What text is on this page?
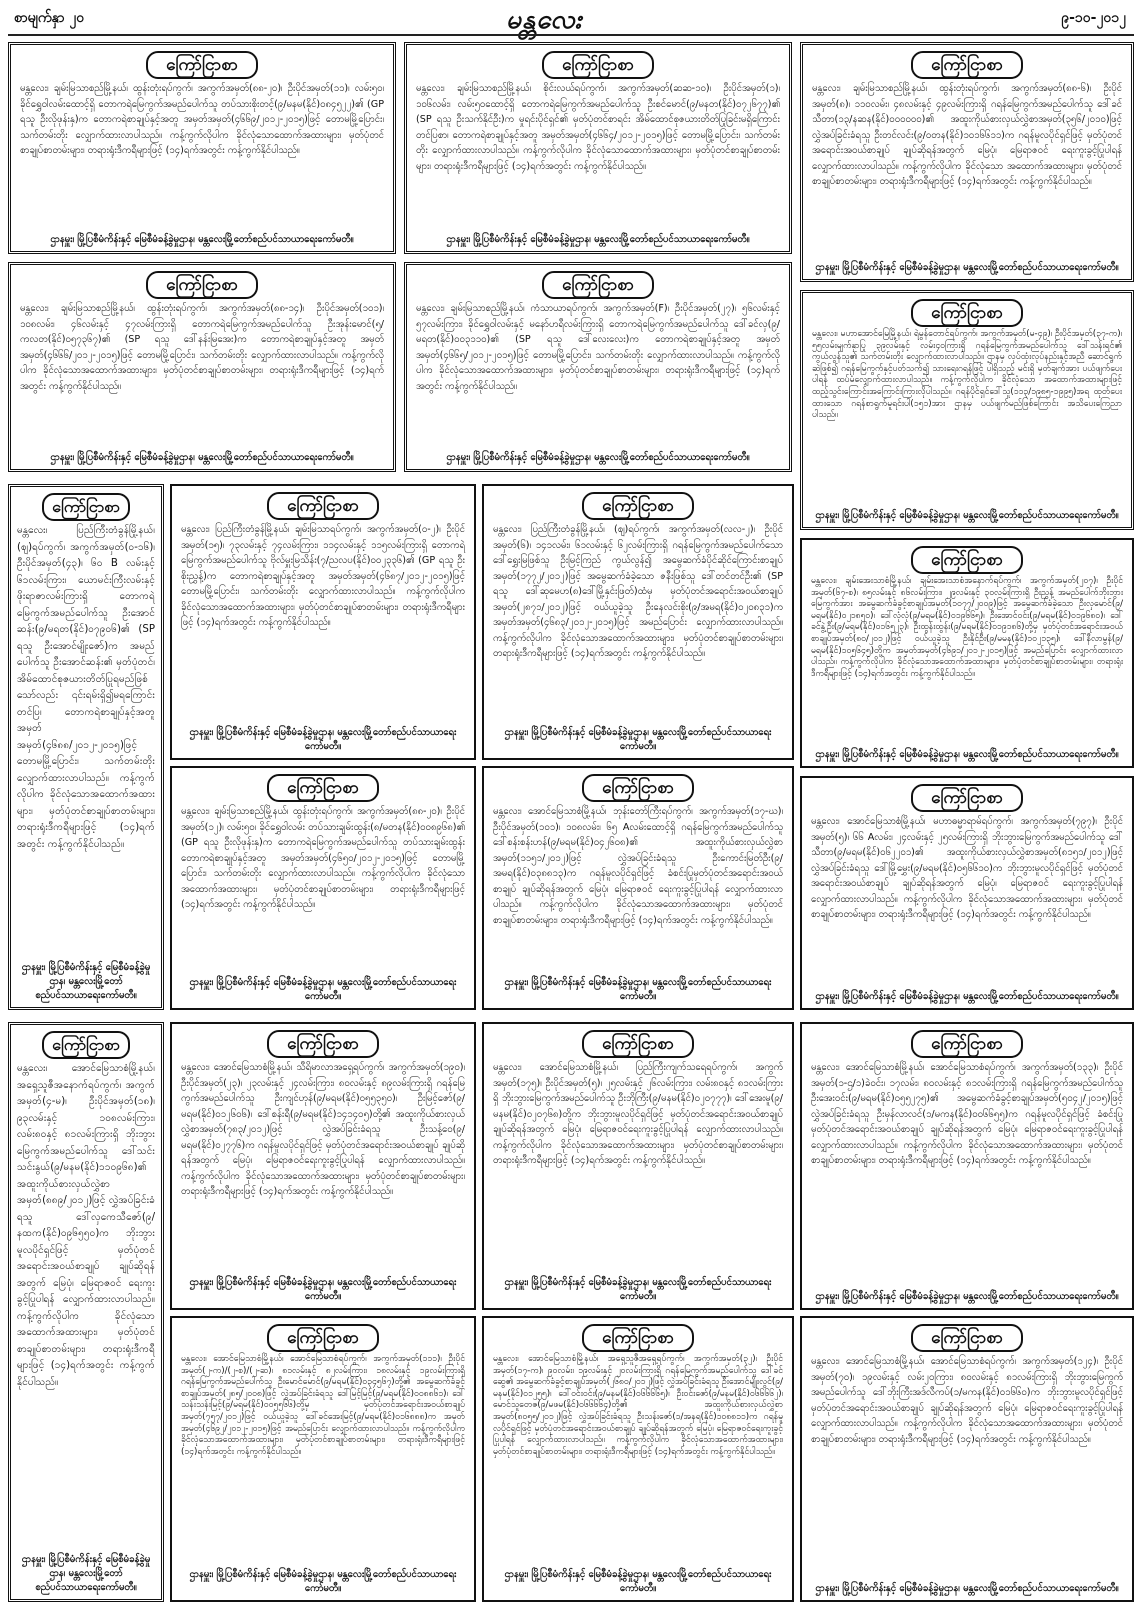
စာမျက်နှာ ၂၀	မန္တလေး	၉-၁၀-၂၀၁၂
ကြော်ငြာစာ
မန္တလေး၊ ချမ်းမြသာစည်မြို့နယ်၊ ထွန်းတုံးရပ်ကွက်၊ အကွက်အမှတ်(၈၈-၂၀)၊ ဦးပိုင်အမှတ်(၁၁)၊ လမ်း၅၀၊ ခိုင်ရွှေဝါလမ်းထောင့်ရှိ တောကရဲမြေကွက်အမည်ပေါက်သူ တပ်သားစိုးတင့်(၉/မနမ(နိုင်)၀၈၄၅၂၂)၏ (GP ရသူ ဦးလိုဖုန်းနှ)က တောကရဲစာချုပ်နှင့်အတူ အမှတ်အမှတ်(၄၆၆၉/၂၀၁၂-၂၀၁၅)ဖြင့် တောမမြို့ပြောင်း၊ သက်တမ်းတိုး လျှောက်ထားလာပါသည်။ ကန့်ကွက်လိုပါက ခိုင်လုံသောထောက်အထားများ၊ မှတ်ပုံတင်စာချုပ်စာတမ်းများ၊ တရားရုံးဒီကရီများဖြင့် (၁၄)ရက်အတွင်း ကန့်ကွက်နိုင်ပါသည်။
ဌာနမှူး၊ မြို့ပြစီမံကိန်းနှင့် မြေစီမံခန့်ခွဲမှုဌာန၊ မန္တလေးမြို့တော်စည်ပင်သာယာရေးကော်မတီ။
ကြော်ငြာစာ
မန္တလေး၊ ချမ်းမြသာစည်မြို့နယ်၊ စိုင်းလယ်ရပ်ကွက်၊ အကွက်အမှတ်(ဆဆ-၁၀)၊ ဦးပိုင်အမှတ်(၁)၊ ၁၀၆လမ်း၊ လမ်း၅၀ထောင့်ရှိ တောကရဲမြေကွက်အမည်ပေါက်သူ ဦးစင်မောင်(၉/မနတ(နိုင်)၀၇၂၆၇၇)၏ (SP ရသူ ဦးသက်နိုင်ဦး)က မှုရင်းပိုင်ရှင်၏ မှတ်ပုံတင်စာရင်း အိမ်ထောင်စုဇယားတိတ်ပြုခြင်းမရှိကြောင်းတင်ပြစာ၊ တောကရဲစာချုပ်နှင့်အတူ အမှတ်အမှတ်(၄၆၆၄/၂၀၁၂-၂၀၁၅)ဖြင့် တောမမြို့ပြောင်း၊ သက်တမ်းတိုး လျှောက်ထားလာပါသည်။ ကန့်ကွက်လိုပါက ခိုင်လုံသောထောက်အထားများ၊ မှတ်ပုံတင်စာချုပ်စာတမ်းများ၊ တရားရုံးဒီကရီများဖြင့် (၁၄)ရက်အတွင်း ကန့်ကွက်နိုင်ပါသည်။
ဌာနမှူး၊ မြို့ပြစီမံကိန်းနှင့် မြေစီမံခန့်ခွဲမှုဌာန၊ မန္တလေးမြို့တော်စည်ပင်သာယာရေးကော်မတီ။
ကြော်ငြာစာ
မန္တလေး၊ ချမ်းမြသာစည်မြို့နယ်၊ ထွန်းတုံးရပ်ကွက်၊ အကွက်အမှတ်(၈၈-၆)၊ ဦးပိုင်အမှတ်(၈)၊ ၁၁၀လမ်း၊ ၄၈လမ်းနှင့် ၄၉လမ်းကြားရှိ ဂရန်မြေကွက်အမည်ပေါက်သူ ဒေါ်ခင်သီတာ(၁၃/နဆန(နိုင်)၀၀၀၀၀၀)၏ အထူးကိုယ်စားလှယ်လွှဲစာအမှတ်(၃၅၆/၂၀၁၀)ဖြင့် လွှဲအပ်ခြင်းခံရသူ ဦးတင်လင်း(၉/၀တန(နိုင်)၁၀၁၆၆၁၁)က ဂရန်မူလပိုင်ရှင်ဖြင့် မှတ်ပုံတင်အရောင်းအဝယ်စာချုပ် ချုပ်ဆိုရန်အတွက် မြေပုံ၊ မြေရာဇဝင် ရေးကူးခွင့်ပြုပါရန် လျှောက်ထားလာပါသည်။ ကန့်ကွက်လိုပါက ခိုင်လုံသော အထောက်အထားများ၊ မှတ်ပုံတင်စာချုပ်စာတမ်းများ၊ တရားရုံးဒီကရီများဖြင့် (၁၄)ရက်အတွင်း ကန့်ကွက်နိုင်ပါသည်။
ဌာနမှူး၊ မြို့ပြစီမံကိန်းနှင့် မြေစီမံခန့်ခွဲမှုဌာန၊ မန္တလေးမြို့တော်စည်ပင်သာယာရေးကော်မတီ။
ကြော်ငြာစာ
မန္တလေး၊ ချမ်းမြသာစည်မြို့နယ်၊ ထွန်းတုံးရပ်ကွက်၊ အကွက်အမှတ်(၈၈-၁၄)၊ ဦးပိုင်အမှတ်(၁၀၁)၊ ၁၀၈လမ်း၊ ၄၆လမ်းနှင့် ၄၇လမ်းကြားရှိ တောကရဲမြေကွက်အမည်ပေါက်သူ ဦးအုန်းမောင်(၅/ကလတ(နိုင်)၀၅၇၃၆၇)၏ (SP ရသူ ဒေါ်နန်းမြအေး)က တောကရဲစာချုပ်နှင့်အတူ အမှတ်အမှတ်(၄၆၆၆/၂၀၁၂-၂၀၁၅)ဖြင့် တောမမြို့ပြောင်း၊ သက်တမ်းတိုး လျှောက်ထားလာပါသည်။ ကန့်ကွက်လိုပါက ခိုင်လုံသောအထောက်အထားများ၊ မှတ်ပုံတင်စာချုပ်စာတမ်းများ၊ တရားရုံးဒီကရီများဖြင့် (၁၄)ရက်အတွင်း ကန့်ကွက်နိုင်ပါသည်။
ဌာနမှူး၊ မြို့ပြစီမံကိန်းနှင့် မြေစီမံခန့်ခွဲမှုဌာန၊ မန္တလေးမြို့တော်စည်ပင်သာယာရေးကော်မတီ။
ကြော်ငြာစာ
မန္တလေး၊ ချမ်းမြသာစည်မြို့နယ်၊ ကံသာယာရပ်ကွက်၊ အကွက်အမှတ်(F)၊ ဦးပိုင်အမှတ်(၂၇)၊ ၅၆လမ်းနှင့် ၅၇လမ်းကြား၊ ခိုင်ရွှေဝါလမ်းနှင့် မနော်ဟရီလမ်းကြားရှိ တောကရဲမြေကွက်အမည်ပေါက်သူ ဒေါ်ခင်လှ(၉/မရတ(နိုင်)၀၀၃၁၁၀)၏ (SP ရသူ ဒေါ်လေးလေး)က တောကရဲစာချုပ်နှင့်အတူ အမှတ်အမှတ်(၄၆၆၅/၂၀၁၂-၂၀၁၅)ဖြင့် တောမမြို့ပြောင်း၊ သက်တမ်းတိုး လျှောက်ထားလာပါသည်။ ကန့်ကွက်လိုပါက ခိုင်လုံသောအထောက်အထားများ၊ မှတ်ပုံတင်စာချုပ်စာတမ်းများ၊ တရားရုံးဒီကရီများဖြင့် (၁၄)ရက်အတွင်း ကန့်ကွက်နိုင်ပါသည်။
ဌာနမှူး၊ မြို့ပြစီမံကိန်းနှင့် မြေစီမံခန့်ခွဲမှုဌာန၊ မန္တလေးမြို့တော်စည်ပင်သာယာရေးကော်မတီ။
ကြော်ငြာစာ
မန္တလေး၊ မဟာအောင်မြေမြို့နယ်၊ ရဲမွန်တောင်ရပ်ကွက်၊ အကွက်အမှတ်(မ-၄၉)၊ ဦးပိုင်အမှတ်(၃၇-က)၊ ၅၅လမ်းမျက်နှာပြု ၃၉လမ်းနှင့် လမ်း၄၀ကြားရှိ ဂရန်မြေကွက်အမည်ပေါက်သူ ဒေါ်သန်းရင်၏ ကွယ်လွန်သူ၏ သက်တမ်းတိုး လျှောက်ထားလာပါသည်။ ဌာနမှ လုပ်ထုံးလုပ်နည်းနှင့်အညီ ဆောင်ရွက်ဆဲဖြစ်၍ ဂရန်မြေကွက်နှင့်ပတ်သက်၍ သားရေးဂရန်ဖြင့် ပါရှိသည့် မင်းရှိ မှတ်ချက်အား ပယ်ဖျက်ပေးပါရန် ထပ်မံလျှောက်ထားလာပါသည်။ ကန့်ကွက်လိုပါက ခိုင်လုံသော အထောက်အထားများဖြင့် ထည့်သွင်းကြောင်းအကြောင်းကြားလိုပါသည်။ ဂရန်ပိုင်ရှင်ဒေါ်သူ(၁၁၃/၁၉၈၅-၁၉၉၅)အရ ထုတ်ပေးထားသော ဂရန်စာရွက်မူရင်းပါ(၁၅၁)အား ဌာနမှ ပယ်ဖျက်မည်ဖြစ်ကြောင်း အသိပေးကြေညာပါသည်။
ဌာနမှူး၊ မြို့ပြစီမံကိန်းနှင့် မြေစီမံခန့်ခွဲမှုဌာန၊ မန္တလေးမြို့တော်စည်ပင်သာယာရေးကော်မတီ။
ကြော်ငြာစာ
မန္တလေး၊ ပြည်ကြီးတံခွန်မြို့နယ်၊ (ဈ)ရပ်ကွက်၊ အကွက်အမှတ်(ဝ-၁၆)၊ ဦးပိုင်အမှတ်(၄၃)၊ ၆၀ B လမ်းနှင့် ၆၁လမ်းကြား၊ ယောမင်းကြီးလမ်းနှင့် ဖိုးရာဇာလမ်းကြားရှိ တောကရဲမြေကွက်အမည်ပေါက်သူ ဦးအောင်ဆန်း(၉/မရတ(နိုင်)၀၇၉၀၆)၏ (SP ရသူ ဦးအောင်မျိုးဇော်)က အမည်ပေါက်သူ ဦးအောင်ဆန်း၏ မှတ်ပုံတင်၊ အိမ်ထောင်စုဇယားတိတ်ပြုရမည်ဖြစ်သော်လည်း ၎င်းရမ်းရှိ၍မရကြောင်းတင်ပြ၊ တောကရဲစာချုပ်နှင့်အတူ အမှတ်အမှတ်(၄၆၈၈/၂၀၁၂-၂၀၁၅)ဖြင့် တောမမြို့ပြောင်း၊ သက်တမ်းတိုး လျှောက်ထားလာပါသည်။ ကန့်ကွက်လိုပါက ခိုင်လုံသောအထောက်အထားများ၊ မှတ်ပုံတင်စာချုပ်စာတမ်းများ၊ တရားရုံးဒီကရီများဖြင့် (၁၄)ရက်အတွင်း ကန့်ကွက်နိုင်ပါသည်။
ဌာနမှူး၊ မြို့ပြစီမံကိန်းနှင့် မြေစီမံခန့်ခွဲမှုဌာန၊ မန္တလေးမြို့တော်စည်ပင်သာယာရေးကော်မတီ။
ကြော်ငြာစာ
မန္တလေး၊ ပြည်ကြီးတံခွန်မြို့နယ်၊ ချမ်းမြသာရပ်ကွက်၊ အကွက်အမှတ်(၀-၂)၊ ဦးပိုင်အမှတ်(၁၅)၊ ၇၃လမ်းနှင့် ၇၄လမ်းကြား၊ ၁၁၄လမ်းနှင့် ၁၁၅လမ်းကြားရှိ တောကရဲမြေကွက်အမည်ပေါက်သူ ဗိုလ်မှူးမြသိန်း(၇/ညလပ(နိုင်)၀၀၂၃၃၆)၏ (GP ရသူ ဦးစိုးညွှန့်)က တောကရဲစာချုပ်နှင့်အတူ အမှတ်အမှတ်(၄၆၈၇/၂၀၁၂-၂၀၁၅)ဖြင့် တောမမြို့ပြောင်း၊ သက်တမ်းတိုး လျှောက်ထားလာပါသည်။ ကန့်ကွက်လိုပါက ခိုင်လုံသောအထောက်အထားများ၊ မှတ်ပုံတင်စာချုပ်စာတမ်းများ၊ တရားရုံးဒီကရီများဖြင့် (၁၄)ရက်အတွင်း ကန့်ကွက်နိုင်ပါသည်။
ဌာနမှူး၊ မြို့ပြစီမံကိန်းနှင့် မြေစီမံခန့်ခွဲမှုဌာန၊ မန္တလေးမြို့တော်စည်ပင်သာယာရေးကော်မတီ။
ကြော်ငြာစာ
မန္တလေး၊ ပြည်ကြီးတံခွန်မြို့နယ်၊ (ဈ)ရပ်ကွက်၊ အကွက်အမှတ်(လလ-၂)၊ ဦးပိုင်အမှတ်(၆)၊ ၁၄၁လမ်း၊ ၆၁လမ်းနှင့် ၆၂လမ်းကြားရှိ ဂရန်မြေကွက်အမည်ပေါက်သောဒေါ်ရွှေးမြဖြစ်သူ ဦးမြင့်ကြည် ကွယ်လွန်၍ အမွေဆက်ခံပိုင်ဆိုင်ကြောင်းစာချုပ်အမှတ်(၁၇၇၂/၂၀၁၂)ဖြင့် အမွေဆက်ခံခဲ့သော ဇနီးဖြစ်သူ ဒေါ်တင်တင်ဦး၏ (SP ရသူ ဒေါ်ဆုမေဟ(၈)ဒေါ်မြို့နှင်းဖြတ်)ထံမှ မှတ်ပုံတင်အရောင်းအဝယ်စာချုပ်အမှတ်(၂၈၇၁/၂၀၁၂)ဖြင့် ဝယ်ယူခဲ့သူ ဦးနေလင်းစိုး(၉/အမရ(နိုင်)၀၂၀၈၃၁)က အမှတ်အမှတ်(၄၆၈၃/၂၀၁၂-၂၀၁၅)ဖြင့် အမည်ပြောင်း လျှောက်ထားလာပါသည်။ ကန့်ကွက်လိုပါက ခိုင်လုံသောအထောက်အထားများ၊ မှတ်ပုံတင်စာချုပ်စာတမ်းများ၊ တရားရုံးဒီကရီများဖြင့် (၁၄)ရက်အတွင်း ကန့်ကွက်နိုင်ပါသည်။
ဌာနမှူး၊ မြို့ပြစီမံကိန်းနှင့် မြေစီမံခန့်ခွဲမှုဌာန၊ မန္တလေးမြို့တော်စည်ပင်သာယာရေးကော်မတီ။
ကြော်ငြာစာ
မန္တလေး၊ ချမ်းအေးသာစံမြို့နယ်၊ ချမ်းအေးသာစံအနောက်ရပ်ကွက်၊ အကွက်အမှတ်(၂၀၇)၊ ဦးပိုင်အမှတ်(၆၇-စ)၊ ၈၅လမ်းနှင့် ၈၆လမ်းကြား၊ ၂၉လမ်းနှင့် ၃၀လမ်းကြားရှိ ဦးညွှန့် အမည်ပေါက်ဘိုးဘွားမြေကွက်အား အမွေဆက်ခံခွင့်စာချုပ်အမှတ်(၁၀၇၇/၂၀၀၉)ဖြင့် အမွေဆက်ခံခဲ့သော ဦးလှမောင်(၉/မရမ(နိုင်)၀၂၁၈၅၀)၊ ဒေါ်လုံလုံ(၉/မရမ(နိုင်)၀၁၉၆၆၅)၊ ဦးအောင်ဝင်း(၉/မရမ(နိုင်)၀၁၉၆၈၀)၊ ဒေါ်ခင်နွဲ့ဦး(၉/မရမ(နိုင်)၀၁၆၅၂၃)၊ ဦးထွန်းထွန်း(၉/မရမ(နိုင်)၀၁၉၁၈၆)တို့မှ မှတ်ပုံတင်အရောင်းအဝယ်စာချုပ်အမှတ်(၈၀/၂၀၁၂)ဖြင့် ဝယ်ယူခဲ့သူ ဦးနိုင်ဦး(၉/မမန(နိုင်)၁၀၂၁၃၅)၊ ဒေါ်နီလာမွန်(၉/မရမ(နိုင်)၁၀၅၆၄၅)တို့က အမှတ်အမှတ်(၄၆၉၁/၂၀၁၂-၂၀၁၅)ဖြင့် အမည်ပြောင်း လျှောက်ထားလာပါသည်။ ကန့်ကွက်လိုပါက ခိုင်လုံသောအထောက်အထားများ၊ မှတ်ပုံတင်စာချုပ်စာတမ်းများ၊ တရားရုံးဒီကရီများဖြင့် (၁၄)ရက်အတွင်း ကန့်ကွက်နိုင်ပါသည်။
ဌာနမှူး၊ မြို့ပြစီမံကိန်းနှင့် မြေစီမံခန့်ခွဲမှုဌာန၊ မန္တလေးမြို့တော်စည်ပင်သာယာရေးကော်မတီ။
ကြော်ငြာစာ
မန္တလေး၊ ချမ်းမြသာစည်မြို့နယ်၊ ထွန်းတုံးရပ်ကွက်၊ အကွက်အမှတ်(၈၈-၂၀)၊ ဦးပိုင်အမှတ်(၁၂)၊ လမ်း၅၀၊ ခိုင်ရွှေဝါလမ်း တပ်သားချမ်းထွန်း(၈/မတန(နိုင်)၀၀၈၉၆၈)၏ (GP ရသူ ဦးလိုဖုန်းနှ)က တောကရဲမြေကွက်အမည်ပေါက်သူ တပ်သားချမ်းထွန်း တောကရဲစာချုပ်နှင့်အတူ အမှတ်အမှတ်(၄၆၅၀/၂၀၁၂-၂၀၁၅)ဖြင့် တောမမြို့ပြောင်း၊ သက်တမ်းတိုး လျှောက်ထားလာပါသည်။ ကန့်ကွက်လိုပါက ခိုင်လုံသောအထောက်အထားများ၊ မှတ်ပုံတင်စာချုပ်စာတမ်းများ၊ တရားရုံးဒီကရီများဖြင့် (၁၄)ရက်အတွင်း ကန့်ကွက်နိုင်ပါသည်။
ဌာနမှူး၊ မြို့ပြစီမံကိန်းနှင့် မြေစီမံခန့်ခွဲမှုဌာန၊ မန္တလေးမြို့တော်စည်ပင်သာယာရေးကော်မတီ။
ကြော်ငြာစာ
မန္တလေး၊ အောင်မြေသာစံမြို့နယ်၊ ဘုန်းတော်ကြီးရပ်ကွက်၊ အကွက်အမှတ်(၁၇-ဃ)၊ ဦးပိုင်အမှတ်(၁၀၁)၊ ၁၀၈လမ်း၊ ၆၅ Aလမ်းထောင့်ရှိ ဂရန်မြေကွက်အမည်ပေါက်သူ ဒေါ်စန်းစန်းဟန်(၉/မရမ(နိုင်)၀၄၂၆၀၈)၏ အထူးကိုယ်စားလှယ်လွှဲစာအမှတ်(၁၁၅၁/၂၀၁၂)ဖြင့် လွှဲအပ်ခြင်းခံရသူ ဦးကောင်းမြတ်ဦး(၉/အမရ(နိုင်)၀၃၈၈၁၃)က ဂရန်မူလပိုင်ရှင်ဖြင့် ခံစင်းပြုမှတ်ပုံတင်အရောင်းအဝယ်စာချုပ် ချုပ်ဆိုရန်အတွက် မြေပုံ၊ မြေရာဇဝင် ရေးကူးခွင့်ပြုပါရန် လျှောက်ထားလာပါသည်။ ကန့်ကွက်လိုပါက ခိုင်လုံသောအထောက်အထားများ၊ မှတ်ပုံတင်စာချုပ်စာတမ်းများ၊ တရားရုံးဒီကရီများဖြင့် (၁၄)ရက်အတွင်း ကန့်ကွက်နိုင်ပါသည်။
ဌာနမှူး၊ မြို့ပြစီမံကိန်းနှင့် မြေစီမံခန့်ခွဲမှုဌာန၊ မန္တလေးမြို့တော်စည်ပင်သာယာရေးကော်မတီ။
ကြော်ငြာစာ
မန္တလေး၊ အောင်မြေသာစံမြို့နယ်၊ မဟာဓမ္မာရာမ်ရပ်ကွက်၊ အကွက်အမှတ်(၇၉၇)၊ ဦးပိုင်အမှတ်(၅)၊ ၆၆ Aလမ်း၊ ၂၄လမ်းနှင့် ၂၅လမ်းကြားရှိ ဘိုးဘွားမြေကွက်အမည်ပေါက်သူ ဒေါ်သီတာ(၉/မရမ(နိုင်)၀၆၂၂၀၁)၏ အထူးကိုယ်စားလှယ်လွှဲစာအမှတ်(၈၁၅၁/၂၀၁၂)ဖြင့် လွှဲအပ်ခြင်းခံရသူ ဒေါ်မြို့မွှေး(၉/မရမ(နိုင်)၀၅၆၆၁၀)က ဘိုးဘွားမူလပိုင်ရှင်ဖြင့် မှတ်ပုံတင်အရောင်းအဝယ်စာချုပ် ချုပ်ဆိုရန်အတွက် မြေပုံ၊ မြေရာဇဝင် ရေးကူးခွင့်ပြုပါရန် လျှောက်ထားလာပါသည်။ ကန့်ကွက်လိုပါက ခိုင်လုံသောအထောက်အထားများ၊ မှတ်ပုံတင်စာချုပ်စာတမ်းများ၊ တရားရုံးဒီကရီများဖြင့် (၁၄)ရက်အတွင်း ကန့်ကွက်နိုင်ပါသည်။
ဌာနမှူး၊ မြို့ပြစီမံကိန်းနှင့် မြေစီမံခန့်ခွဲမှုဌာန၊ မန္တလေးမြို့တော်စည်ပင်သာယာရေးကော်မတီ။
ကြော်ငြာစာ
မန္တလေး၊ အောင်မြေသာစံမြို့နယ်၊ အရှေ့သူဇီအနောက်ရပ်ကွက်၊ အကွက်အမှတ်(၄-မ)၊ ဦးပိုင်အမှတ်(၁၈)၊ ၉၃လမ်းနှင့် ၁၀၈လမ်းကြား၊ လမ်း၈၀နှင့် ၈၁လမ်းကြားရှိ ဘိုးဘွားမြေကွက်အမည်ပေါက်သူ ဒေါ်သင်းသင်းနွယ်(၉/မနမ(နိုင်)၁၁၀၉၆၈)၏ အထူးကိုယ်စားလှယ်လွှဲစာအမှတ်(၈၈၉/၂၀၁၂)ဖြင့် လွှဲအပ်ခြင်းခံရသူ ဒေါ်လှကေသီဇော်(၉/နထက(နိုင်)၀၉၆၅၅၀)က ဘိုးဘွားမူလပိုင်ရှင်ဖြင့် မှတ်ပုံတင်အရောင်းအဝယ်စာချုပ် ချုပ်ဆိုရန်အတွက် မြေပုံ၊ မြေရာဇဝင် ရေးကူးခွင့်ပြုပါရန် လျှောက်ထားလာပါသည်။ ကန့်ကွက်လိုပါက ခိုင်လုံသောအထောက်အထားများ၊ မှတ်ပုံတင်စာချုပ်စာတမ်းများ၊ တရားရုံးဒီကရီများဖြင့် (၁၄)ရက်အတွင်း ကန့်ကွက်နိုင်ပါသည်။
ဌာနမှူး၊ မြို့ပြစီမံကိန်းနှင့် မြေစီမံခန့်ခွဲမှုဌာန၊ မန္တလေးမြို့တော်စည်ပင်သာယာရေးကော်မတီ။
ကြော်ငြာစာ
မန္တလေး၊ အောင်မြေသာစံမြို့နယ်၊ သီရိမာလာအရှေ့ရပ်ကွက်၊ အကွက်အမှတ်(၁၉၀)၊ ဦးပိုင်အမှတ်(၂၃)၊ ၂၃လမ်းနှင့် ၂၄လမ်းကြား၊ ၈၀လမ်းနှင့် ၈၉လမ်းကြားရှိ ဂရန်မြေကွက်အမည်ပေါက်သူ ဦးကျင်ဟုန်(၉/မရမ(နိုင်)၀၅၅၃၅၀)၊ ဦးမြင့်ဇော်(၉/မရမ(နိုင်)၀၁၂၆၀၆)၊ ဒေါ်စန်းရီ(၉/မရမ(နိုင်)၁၄၁၄၀၅)တို့၏ အထူးကိုယ်စားလှယ်လွှဲစာအမှတ်(၇၈၃/၂၀၁၂)ဖြင့် လွှဲအပ်ခြင်းခံရသူ ဦးသန့်ဝေ(၉/မရမ(နိုင်)၀၂၇၇၆)က ဂရန်မူလပိုင်ရှင်ဖြင့် မှတ်ပုံတင်အရောင်းအဝယ်စာချုပ် ချုပ်ဆိုရန်အတွက် မြေပုံ၊ မြေရာဇဝင်ရေးကူးခွင့်ပြုပါရန် လျှောက်ထားလာပါသည်။ ကန့်ကွက်လိုပါက ခိုင်လုံသောအထောက်အထားများ၊ မှတ်ပုံတင်စာချုပ်စာတမ်းများ၊ တရားရုံးဒီကရီများဖြင့် (၁၄)ရက်အတွင်း ကန့်ကွက်နိုင်ပါသည်။
ဌာနမှူး၊ မြို့ပြစီမံကိန်းနှင့် မြေစီမံခန့်ခွဲမှုဌာန၊ မန္တလေးမြို့တော်စည်ပင်သာယာရေးကော်မတီ။
ကြော်ငြာစာ
မန္တလေး၊ အောင်မြေသာစံမြို့နယ်၊ ပြည်ကြီးကျက်သရေရပ်ကွက်၊ အကွက်အမှတ်(၁၇၅)၊ ဦးပိုင်အမှတ်(၅)၊ ၂၅လမ်းနှင့် ၂၆လမ်းကြား၊ လမ်း၈၀နှင့် ၈၁လမ်းကြားရှိ ဘိုးဘွားမြေကွက်အမည်ပေါက်သူ ဦးဘိုကြီး(၉/မနမ(နိုင်)၀၂၀၇၇၇)၊ ဒေါ်အေးမူ(၉/မနမ(နိုင်)၀၂၀၇၆၈)တို့က ဘိုးဘွားမူလပိုင်ရှင်ဖြင့် မှတ်ပုံတင်အရောင်းအဝယ်စာချုပ် ချုပ်ဆိုရန်အတွက် မြေပုံ၊ မြေရာဇဝင်ရေးကူးခွင့်ပြုပါရန် လျှောက်ထားလာပါသည်။ ကန့်ကွက်လိုပါက ခိုင်လုံသောအထောက်အထားများ၊ မှတ်ပုံတင်စာချုပ်စာတမ်းများ၊ တရားရုံးဒီကရီများဖြင့် (၁၄)ရက်အတွင်း ကန့်ကွက်နိုင်ပါသည်။
ဌာနမှူး၊ မြို့ပြစီမံကိန်းနှင့် မြေစီမံခန့်ခွဲမှုဌာန၊ မန္တလေးမြို့တော်စည်ပင်သာယာရေးကော်မတီ။
ကြော်ငြာစာ
မန္တလေး၊ အောင်မြေသာစံမြို့နယ်၊ အောင်မြေသာစံရပ်ကွက်၊ အကွက်အမှတ်(၁၃၃)၊ ဦးပိုင်အမှတ်(၁-ဌ/၁)ခဲဝင်း၊ ၁၇လမ်း၊ ၈၀လမ်းနှင့် ၈၁လမ်းကြားရှိ ဂရန်မြေကွက်အမည်ပေါက်သူ ဦးအေးဝင်း(၉/မရမ(နိုင်)၀၅၅၂၇၅)၏ အမွေဆက်ခံခွင့်စာချုပ်အမှတ်(၅၀၄၂/၂၀၁၅)ဖြင့် လွှဲအပ်ခြင်းခံရသူ ဦးမှန်လာလင်(၁/မကန(နိုင်)၀၀၆၆၅၅)က ဂရန်မူလပိုင်ရှင်ဖြင့် ခံစင်းပြုမှတ်ပုံတင်အရောင်းအဝယ်စာချုပ် ချုပ်ဆိုရန်အတွက် မြေပုံ၊ မြေရာဇဝင်ရေးကူးခွင့်ပြုပါရန် လျှောက်ထားလာပါသည်။ ကန့်ကွက်လိုပါက ခိုင်လုံသောအထောက်အထားများ၊ မှတ်ပုံတင်စာချုပ်စာတမ်းများ၊ တရားရုံးဒီကရီများဖြင့် (၁၄)ရက်အတွင်း ကန့်ကွက်နိုင်ပါသည်။
ဌာနမှူး၊ မြို့ပြစီမံကိန်းနှင့် မြေစီမံခန့်ခွဲမှုဌာန၊ မန္တလေးမြို့တော်စည်ပင်သာယာရေးကော်မတီ။
ကြော်ငြာစာ
မန္တလေး၊ အောင်မြေသာစံမြို့နယ်၊ အောင်မြေသာစံရပ်ကွက်၊ အကွက်အမှတ်(၁၁၁)၊ ဦးပိုင်အမှတ်(၂-က)/(၂-စ)/(၂-ဆ)၊ ၈၁လမ်းနှင့် ၈၂လမ်းကြား၊ ၁၈လမ်းနှင့် ၁၉လမ်းကြားရှိ ဂရန်မြေကွက်အမည်ပေါက်သူ ဦးမောင်မောင်(၉/မရမ(နိုင်)၀၃၄၅၆၇)တို့၏ အမွေဆက်ခံခွင့်စာချုပ်အမှတ်(၂၈၅/၂၀၀၈)ဖြင့် လွှဲအပ်ခြင်းခံရသူ ဒေါ်မြင့်မြင့်(၉/မရမ(နိုင်)၀၀၈၈၆၁)၊ ဒေါ်သန်းသန်းမြင့်(၉/မရမ(နိုင်)၀၀၅၅၆၆)တို့မှ မှတ်ပုံတင်အရောင်းအဝယ်စာချုပ်အမှတ်(၇၅၇/၂၀၁၂)ဖြင့် ဝယ်ယူခဲ့သူ ဒေါ်ခင်အေးမြင့်(၉/မရမ(နိုင်)၀၁၆၈၈၈)က အမှတ်အမှတ်(၄၆၉၂/၂၀၁၂-၂၀၁၅)ဖြင့် အမည်ပြောင်း လျှောက်ထားလာပါသည်။ ကန့်ကွက်လိုပါက ခိုင်လုံသောအထောက်အထားများ၊ မှတ်ပုံတင်စာချုပ်စာတမ်းများ၊ တရားရုံးဒီကရီများဖြင့် (၁၄)ရက်အတွင်း ကန့်ကွက်နိုင်ပါသည်။
ဌာနမှူး၊ မြို့ပြစီမံကိန်းနှင့် မြေစီမံခန့်ခွဲမှုဌာန၊ မန္တလေးမြို့တော်စည်ပင်သာယာရေးကော်မတီ။
ကြော်ငြာစာ
မန္တလေး၊ အောင်မြေသာစံမြို့နယ်၊ အရှေ့သူဇီအရှေ့ရပ်ကွက်၊ အကွက်အမှတ်(၃၂)၊ ဦးပိုင်အမှတ်(၁၇-က)၊ ၉၀လမ်း၊ ၁၉လမ်းနှင့် ၂၀လမ်းကြားရှိ ဂရန်မြေကွက်အမည်ပေါက်သူ ဒေါ်ခင်ဆွေ၏ အမွေဆက်ခံခွင့်စာချုပ်အမှတ်(၂၆၈၀/၂၀၁၂)ဖြင့် လွှဲအပ်ခြင်းခံရသူ ဦးအောင်မျိုးလွင်(၉/မနမ(နိုင်)၀၁၂၅၅)၊ ဒေါ်ဝင်းဝင်း(၉/မနမ(နိုင်)၀၆၆၆၆၅)၊ ဦးဝင်းဇော်(၉/မနမ(နိုင်)၀၆၆၆၆၂)၊ မောင်သူတေဇ(၉/မဖမ(နိုင်)၀၆၆၆၆၄)တို့၏ အထူးကိုယ်စားလှယ်လွှဲစာအမှတ်(၈၀၅၅/၂၀၁၂)ဖြင့် လွှဲအပ်ခြင်းခံရသူ ဦးသန်းဇော်(၁/အနရ(နိုင်)၁၀၈၈၁၁)က ဂရန်မူလပိုင်ရှင်ဖြင့် မှတ်ပုံတင်အရောင်းအဝယ်စာချုပ် ချုပ်ဆိုရန်အတွက် မြေပုံ၊ မြေရာဇဝင်ရေးကူးခွင့်ပြုပါရန် လျှောက်ထားလာပါသည်။ ကန့်ကွက်လိုပါက ခိုင်လုံသောအထောက်အထားများ၊ မှတ်ပုံတင်စာချုပ်စာတမ်းများ၊ တရားရုံးဒီကရီများဖြင့် (၁၄)ရက်အတွင်း ကန့်ကွက်နိုင်ပါသည်။
ဌာနမှူး၊ မြို့ပြစီမံကိန်းနှင့် မြေစီမံခန့်ခွဲမှုဌာန၊ မန္တလေးမြို့တော်စည်ပင်သာယာရေးကော်မတီ။
ကြော်ငြာစာ
မန္တလေး၊ အောင်မြေသာစံမြို့နယ်၊ အောင်မြေသာစံရပ်ကွက်၊ အကွက်အမှတ်(၁၂၄)၊ ဦးပိုင်အမှတ်(၇၀)၊ ၁၉လမ်းနှင့် လမ်း၂၀ကြား၊ ၈၀လမ်းနှင့် ၈၁လမ်းကြားရှိ ဘိုးဘွားမြေကွက်အမည်ပေါက်သူ ဒေါ်ဘိုးကြီးအဒ်လီကပ်(၁/မကန(နိုင်)၀၁၆၆၀)က ဘိုးဘွားမူလပိုင်ရှင်ဖြင့် မှတ်ပုံတင်အရောင်းအဝယ်စာချုပ် ချုပ်ဆိုရန်အတွက် မြေပုံ၊ မြေရာဇဝင်ရေးကူးခွင့်ပြုပါရန် လျှောက်ထားလာပါသည်။ ကန့်ကွက်လိုပါက ခိုင်လုံသောအထောက်အထားများ၊ မှတ်ပုံတင်စာချုပ်စာတမ်းများ၊ တရားရုံးဒီကရီများဖြင့် (၁၄)ရက်အတွင်း ကန့်ကွက်နိုင်ပါသည်။
ဌာနမှူး၊ မြို့ပြစီမံကိန်းနှင့် မြေစီမံခန့်ခွဲမှုဌာန၊ မန္တလေးမြို့တော်စည်ပင်သာယာရေးကော်မတီ။
